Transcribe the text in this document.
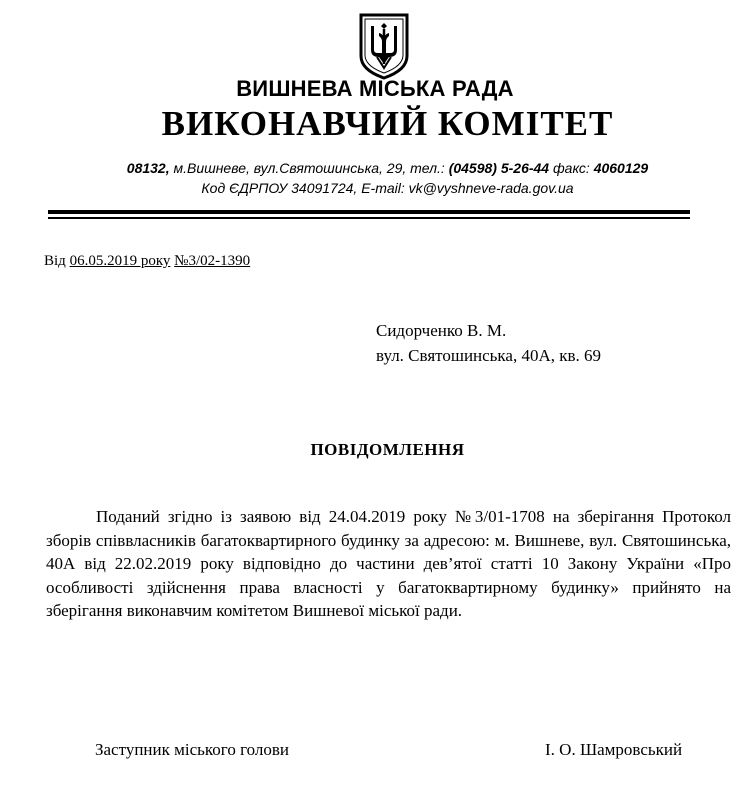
ВИШНЕВА МІСЬКА РАДА
ВИКОНАВЧИЙ КОМІТЕТ
08132, м.Вишневе, вул.Святошинська, 29, тел.: (04598) 5-26-44 факс: 4060129
Код ЄДРПОУ 34091724, E-mail: vk@vyshneve-rada.gov.ua
Від 06.05.2019 року №3/02-1390
Сидорченко В. М.
вул. Святошинська, 40А, кв. 69
ПОВІДОМЛЕННЯ

Поданий згідно із заявою від 24.04.2019 року №3/01-1708 на зберігання Протокол зборів співвласників багатоквартирного будинку за адресою: м. Вишневе, вул. Святошинська, 40А від 22.02.2019 року відповідно до частини дев’ятої статті 10 Закону України «Про особливості здійснення права власності у багатоквартирному будинку» прийнято на зберігання виконавчим комітетом Вишневої міської ради.

Заступник міського голови	І. О. Шамровський
